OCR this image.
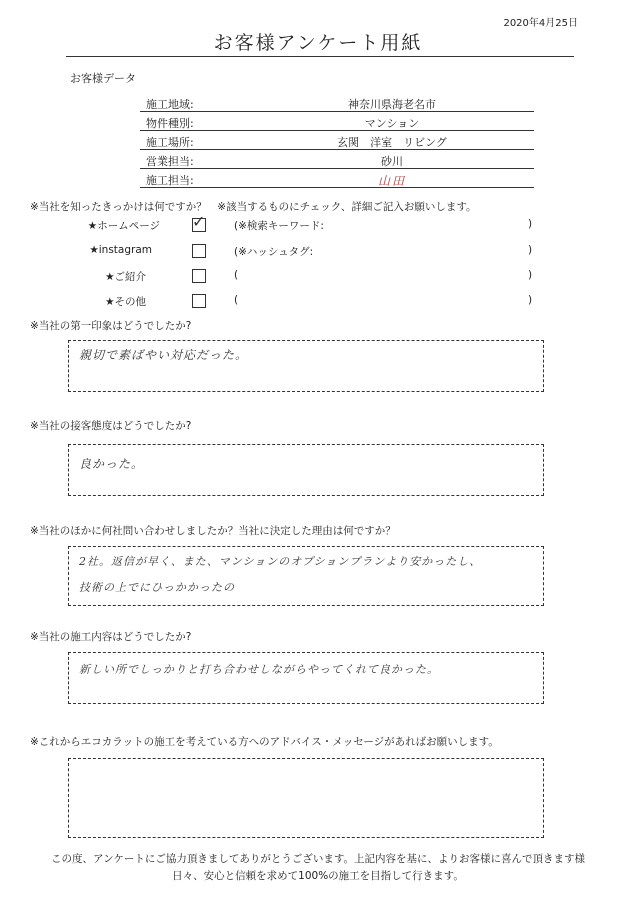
2020年4月25日
お客様アンケート用紙
お客様データ
施工地域:	神奈川県海老名市
物件種別:	マンション
施工場所:	玄関　洋室　リビング
営業担当:	砂川
施工担当:	山田
※当社を知ったきっかけは何ですか？　※該当するものにチェック、詳細ご記入お願いします。
★ホームページ ✓	(※検索キーワード:	)
★instagram	(※ハッシュタグ:	)
★ご紹介	(	)
★その他	(	)
※当社の第一印象はどうでしたか?
親切で素ばやい対応だった。
※当社の接客態度はどうでしたか?
良かった。
※当社のほかに何社問い合わせしましたか？当社に決定した理由は何ですか？
2社。返信が早く、また、マンションのオプションプランより安かったし、
技術の上でにひっかかったの
※当社の施工内容はどうでしたか?
新しい所でしっかりと打ち合わせしながらやってくれて良かった。
※これからエコカラットの施工を考えている方へのアドバイス・メッセージがあればお願いします。
この度、アンケートにご協力頂きましてありがとうございます。上記内容を基に、よりお客様に喜んで頂きます様
日々、安心と信頼を求めて100%の施工を目指して行きます。
